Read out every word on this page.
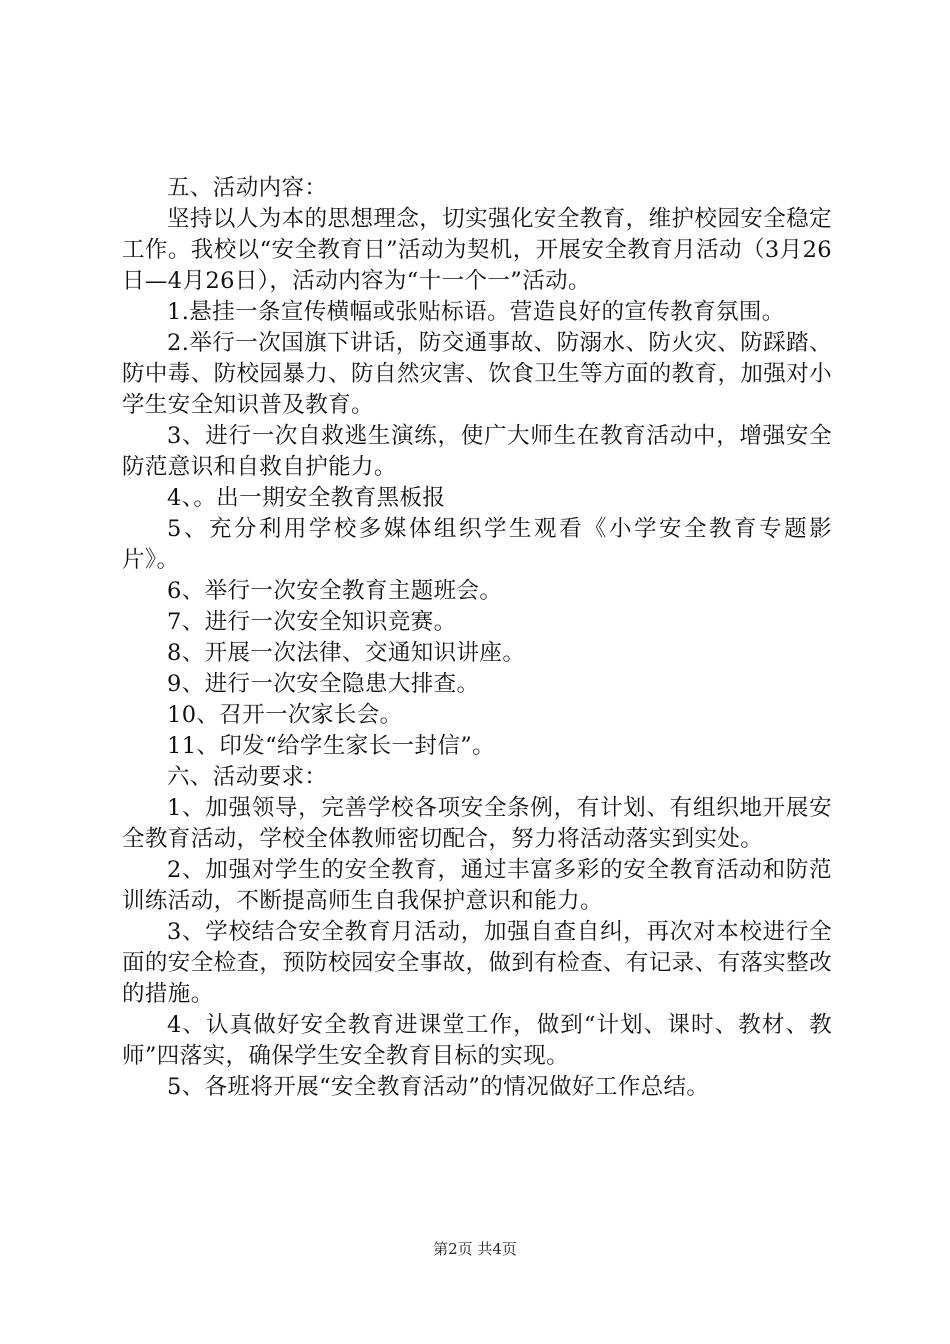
五、活动内容：

坚持以人为本的思想理念，切实强化安全教育，维护校园安全稳定工作。我校以“安全教育日”活动为契机，开展安全教育月活动（3月26日—4月26日），活动内容为“十一个一”活动。

1.悬挂一条宣传横幅或张贴标语。营造良好的宣传教育氛围。

2.举行一次国旗下讲话，防交通事故、防溺水、防火灾、防踩踏、防中毒、防校园暴力、防自然灾害、饮食卫生等方面的教育，加强对小学生安全知识普及教育。

3、进行一次自救逃生演练，使广大师生在教育活动中，增强安全防范意识和自救自护能力。

4、。出一期安全教育黑板报

5、充分利用学校多媒体组织学生观看《小学安全教育专题影片》。

6、举行一次安全教育主题班会。

7、进行一次安全知识竞赛。

8、开展一次法律、交通知识讲座。

9、进行一次安全隐患大排查。

10、召开一次家长会。

11、印发“给学生家长一封信”。

六、活动要求：

1、加强领导，完善学校各项安全条例，有计划、有组织地开展安全教育活动，学校全体教师密切配合，努力将活动落实到实处。

2、加强对学生的安全教育，通过丰富多彩的安全教育活动和防范训练活动，不断提高师生自我保护意识和能力。

3、学校结合安全教育月活动，加强自查自纠，再次对本校进行全面的安全检查，预防校园安全事故，做到有检查、有记录、有落实整改的措施。

4、认真做好安全教育进课堂工作，做到“计划、课时、教材、教师”四落实，确保学生安全教育目标的实现。

5、各班将开展“安全教育活动”的情况做好工作总结。

第2页 共4页
